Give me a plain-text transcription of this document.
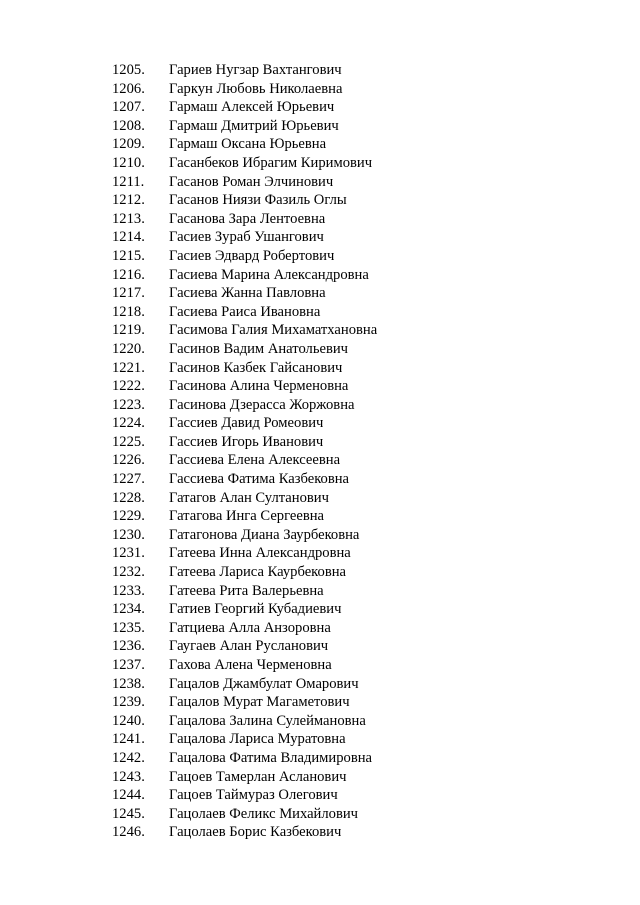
1205.	Гариев Нугзар Вахтангович
1206.	Гаркун Любовь Николаевна
1207.	Гармаш Алексей Юрьевич
1208.	Гармаш Дмитрий Юрьевич
1209.	Гармаш Оксана Юрьевна
1210.	Гасанбеков Ибрагим Киримович
1211.	Гасанов Роман Элчинович
1212.	Гасанов Ниязи Фазиль Оглы
1213.	Гасанова Зара Лентоевна
1214.	Гасиев Зураб Ушангович
1215.	Гасиев Эдвард Робертович
1216.	Гасиева Марина Александровна
1217.	Гасиева Жанна Павловна
1218.	Гасиева Раиса Ивановна
1219.	Гасимова Галия Михаматхановна
1220.	Гасинов Вадим Анатольевич
1221.	Гасинов Казбек Гайсанович
1222.	Гасинова Алина Черменовна
1223.	Гасинова Дзерасса Жоржовна
1224.	Гассиев Давид Ромеович
1225.	Гассиев Игорь Иванович
1226.	Гассиева Елена Алексеевна
1227.	Гассиева Фатима Казбековна
1228.	Гатагов Алан Султанович
1229.	Гатагова Инга Сергеевна
1230.	Гатагонова Диана Заурбековна
1231.	Гатеева Инна Александровна
1232.	Гатеева Лариса Каурбековна
1233.	Гатеева Рита Валерьевна
1234.	Гатиев Георгий Кубадиевич
1235.	Гатциева Алла Анзоровна
1236.	Гаугаев Алан Русланович
1237.	Гахова Алена Черменовна
1238.	Гацалов Джамбулат Омарович
1239.	Гацалов Мурат Магаметович
1240.	Гацалова Залина Сулеймановна
1241.	Гацалова Лариса Муратовна
1242.	Гацалова Фатима Владимировна
1243.	Гацоев Тамерлан Асланович
1244.	Гацоев Таймураз Олегович
1245.	Гацолаев Феликс Михайлович
1246.	Гацолаев Борис Казбекович
